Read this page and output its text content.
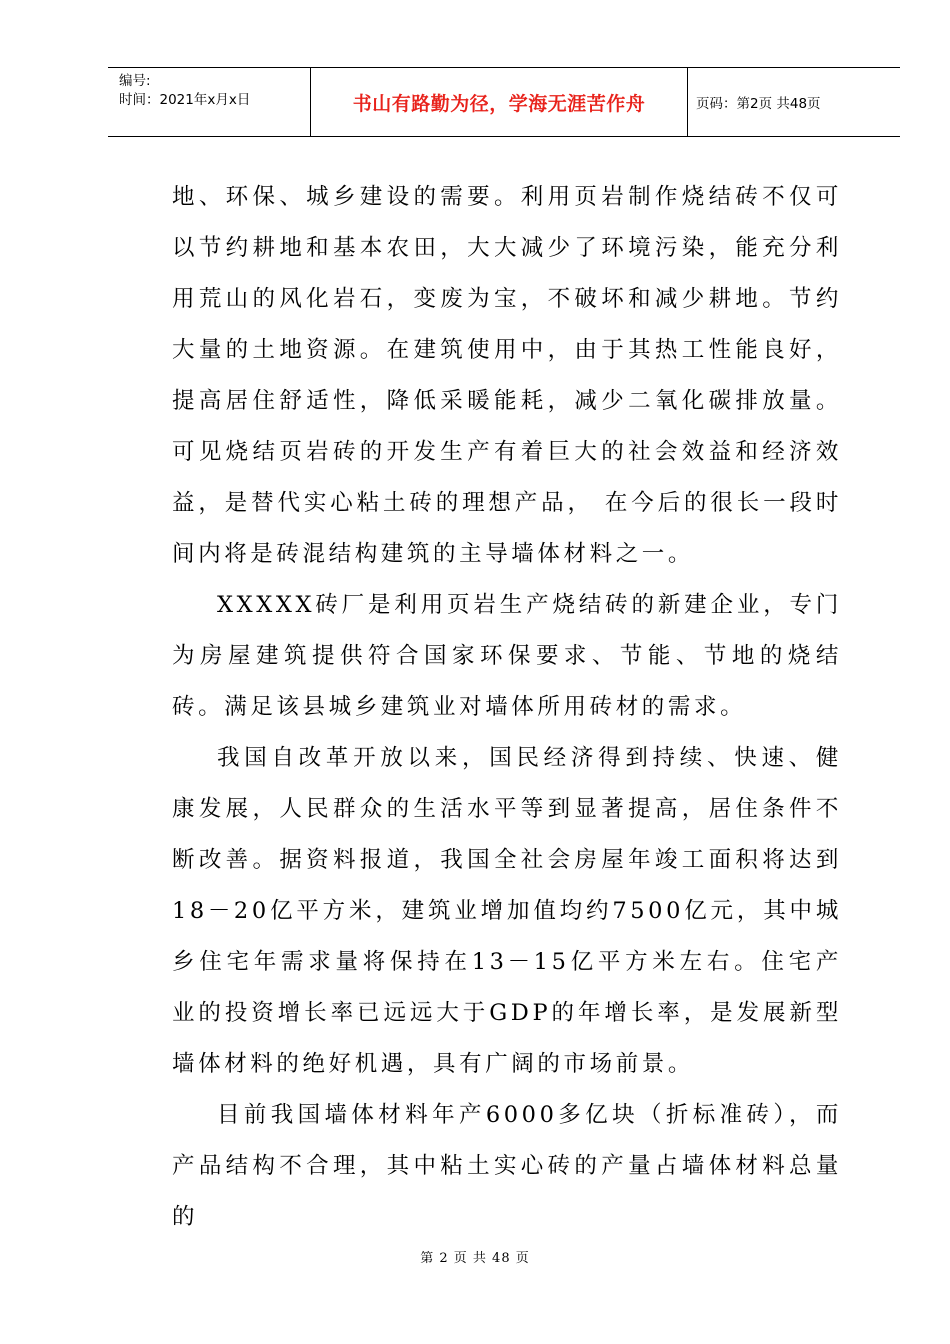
编号:
时间：2021年x月x日	书山有路勤为径，学海无涯苦作舟	页码：第2页 共48页

地、环保、城乡建设的需要。利用页岩制作烧结砖不仅可以节约耕地和基本农田，大大减少了环境污染，能充分利用荒山的风化岩石，变废为宝，不破坏和减少耕地。节约大量的土地资源。在建筑使用中，由于其热工性能良好，提高居住舒适性，降低采暖能耗，减少二氧化碳排放量。可见烧结页岩砖的开发生产有着巨大的社会效益和经济效益，是替代实心粘土砖的理想产品， 在今后的很长一段时间内将是砖混结构建筑的主导墙体材料之一。

XXXXX砖厂是利用页岩生产烧结砖的新建企业，专门为房屋建筑提供符合国家环保要求、节能、节地的烧结砖。满足该县城乡建筑业对墙体所用砖材的需求。

我国自改革开放以来，国民经济得到持续、快速、健康发展，人民群众的生活水平等到显著提高，居住条件不断改善。据资料报道，我国全社会房屋年竣工面积将达到18－20亿平方米，建筑业增加值均约7500亿元，其中城乡住宅年需求量将保持在13－15亿平方米左右。住宅产业的投资增长率已远远大于GDP的年增长率，是发展新型墙体材料的绝好机遇，具有广阔的市场前景。

目前我国墙体材料年产6000多亿块（折标准砖），而产品结构不合理，其中粘土实心砖的产量占墙体材料总量的

第 2 页 共 48 页
